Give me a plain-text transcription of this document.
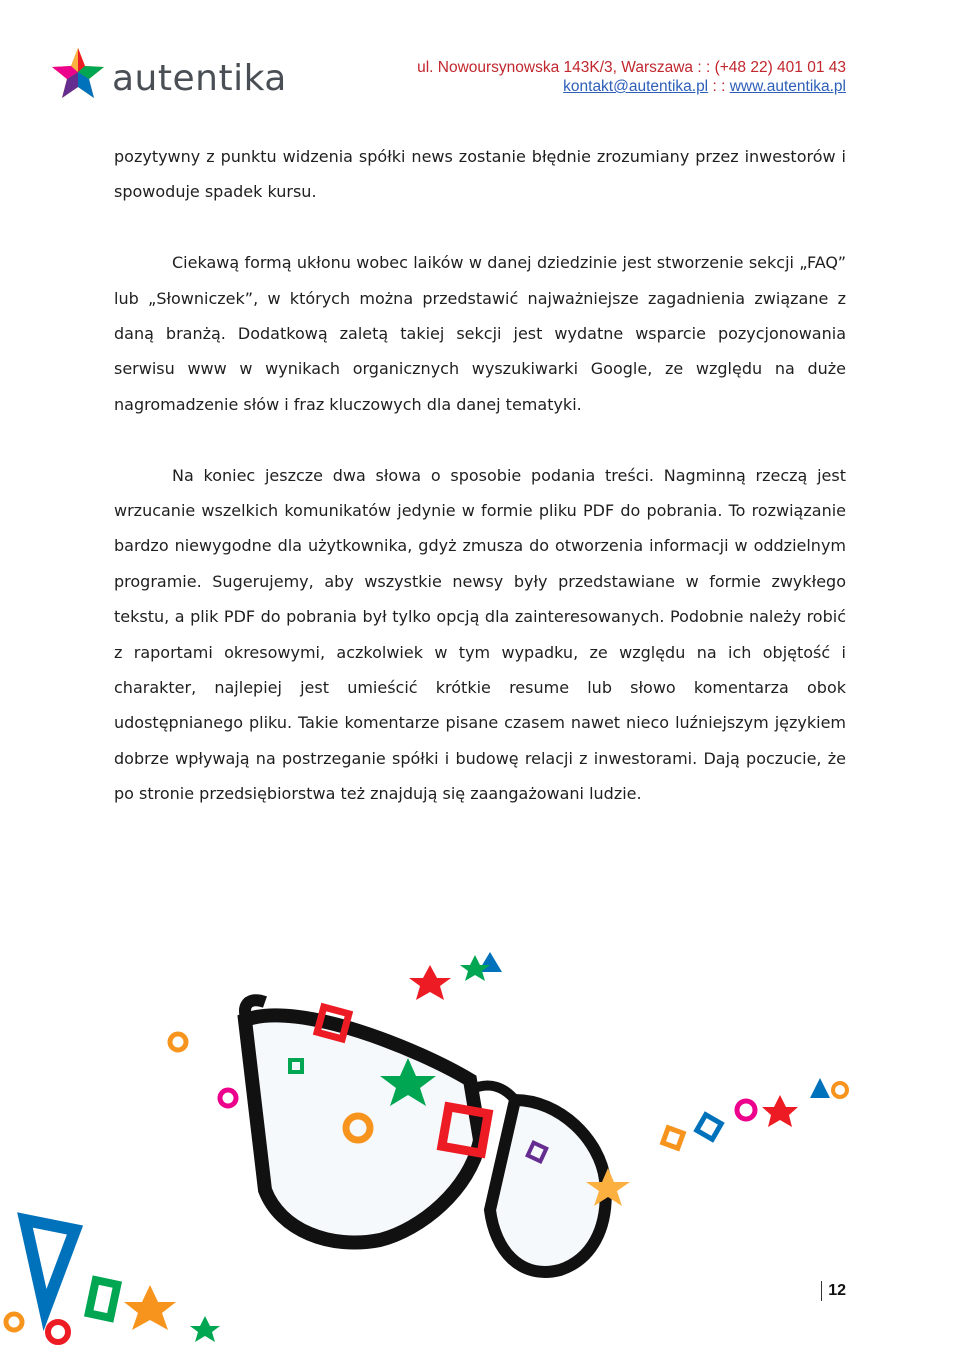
autentika	ul. Nowoursynowska 143K/3, Warszawa : : (+48 22) 401 01 43
kontakt@autentika.pl : : www.autentika.pl

pozytywny z punktu widzenia spółki news zostanie błędnie zrozumiany przez inwestorów i spowoduje spadek kursu.

Ciekawą formą ukłonu wobec laików w danej dziedzinie jest stworzenie sekcji „FAQ” lub „Słowniczek”, w których można przedstawić najważniejsze zagadnienia związane z daną branżą. Dodatkową zaletą takiej sekcji jest wydatne wsparcie pozycjonowania serwisu www w wynikach organicznych wyszukiwarki Google, ze względu na duże nagromadzenie słów i fraz kluczowych dla danej tematyki.

Na koniec jeszcze dwa słowa o sposobie podania treści. Nagminną rzeczą jest wrzucanie wszelkich komunikatów jedynie w formie pliku PDF do pobrania. To rozwiązanie bardzo niewygodne dla użytkownika, gdyż zmusza do otworzenia informacji w oddzielnym programie. Sugerujemy, aby wszystkie newsy były przedstawiane w formie zwykłego tekstu, a plik PDF do pobrania był tylko opcją dla zainteresowanych. Podobnie należy robić z raportami okresowymi, aczkolwiek w tym wypadku, ze względu na ich objętość i charakter, najlepiej jest umieścić krótkie resume lub słowo komentarza obok udostępnianego pliku. Takie komentarze pisane czasem nawet nieco luźniejszym językiem dobrze wpływają na postrzeganie spółki i budowę relacji z inwestorami. Dają poczucie, że po stronie przedsiębiorstwa też znajdują się zaangażowani ludzie.

12
